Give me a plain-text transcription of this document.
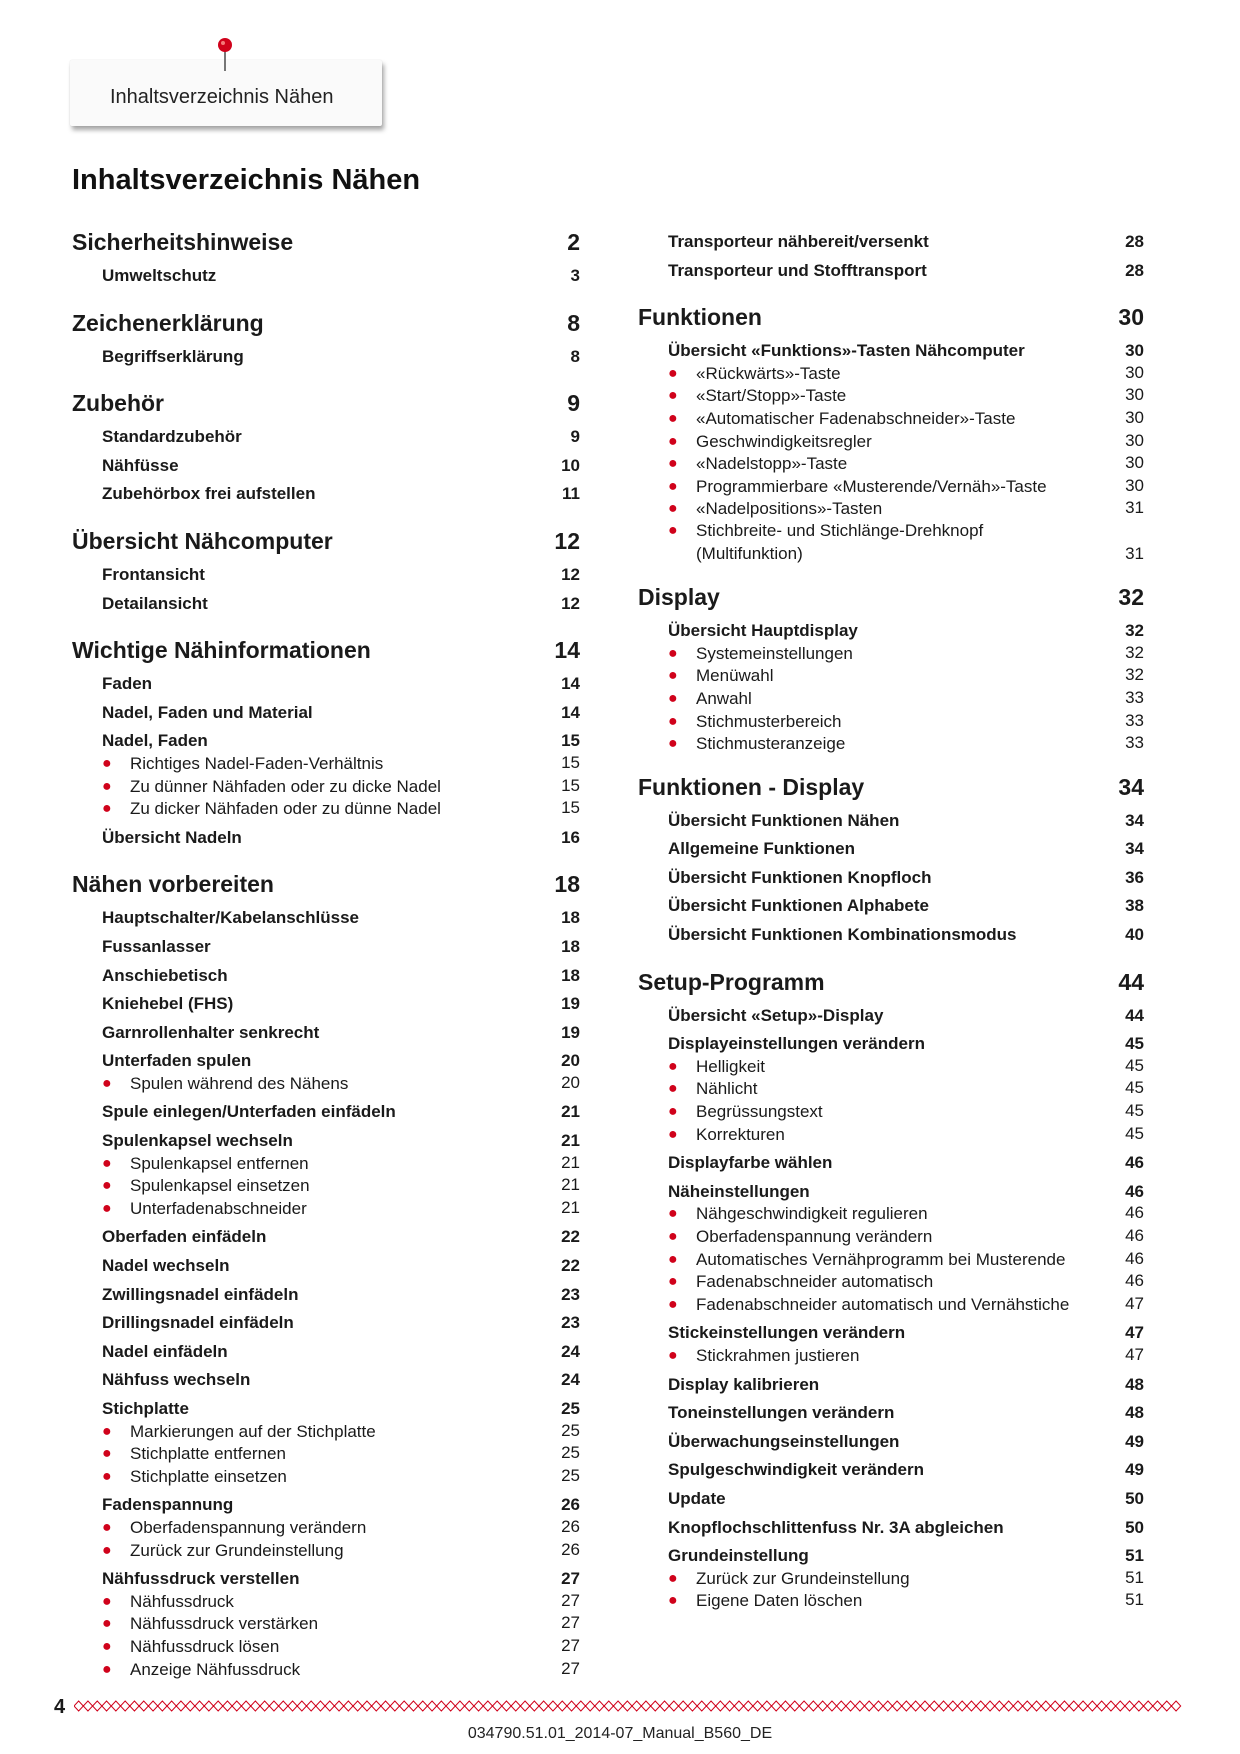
Inhaltsverzeichnis Nähen
Inhaltsverzeichnis Nähen
Sicherheitshinweise	2
Umweltschutz	3
Zeichenerklärung	8
Begriffserklärung	8
Zubehör	9
Standardzubehör	9
Nähfüsse	10
Zubehörbox frei aufstellen	11
Übersicht Nähcomputer	12
Frontansicht	12
Detailansicht	12
Wichtige Nähinformationen	14
Faden	14
Nadel, Faden und Material	14
Nadel, Faden	15
●	Richtiges Nadel-Faden-Verhältnis	15
●	Zu dünner Nähfaden oder zu dicke Nadel	15
●	Zu dicker Nähfaden oder zu dünne Nadel	15
Übersicht Nadeln	16
Nähen vorbereiten	18
Hauptschalter/Kabelanschlüsse	18
Fussanlasser	18
Anschiebetisch	18
Kniehebel (FHS)	19
Garnrollenhalter senkrecht	19
Unterfaden spulen	20
●	Spulen während des Nähens	20
Spule einlegen/Unterfaden einfädeln	21
Spulenkapsel wechseln	21
●	Spulenkapsel entfernen	21
●	Spulenkapsel einsetzen	21
●	Unterfadenabschneider	21
Oberfaden einfädeln	22
Nadel wechseln	22
Zwillingsnadel einfädeln	23
Drillingsnadel einfädeln	23
Nadel einfädeln	24
Nähfuss wechseln	24
Stichplatte	25
●	Markierungen auf der Stichplatte	25
●	Stichplatte entfernen	25
●	Stichplatte einsetzen	25
Fadenspannung	26
●	Oberfadenspannung verändern	26
●	Zurück zur Grundeinstellung	26
Nähfussdruck verstellen	27
●	Nähfussdruck	27
●	Nähfussdruck verstärken	27
●	Nähfussdruck lösen	27
●	Anzeige Nähfussdruck	27
Transporteur nähbereit/versenkt	28
Transporteur und Stofftransport	28
Funktionen	30
Übersicht «Funktions»-Tasten Nähcomputer	30
●	«Rückwärts»-Taste	30
●	«Start/Stopp»-Taste	30
●	«Automatischer Fadenabschneider»-Taste	30
●	Geschwindigkeitsregler	30
●	«Nadelstopp»-Taste	30
●	Programmierbare «Musterende/Vernäh»-Taste	30
●	«Nadelpositions»-Tasten	31
●	Stichbreite- und Stichlänge-Drehknopf
(Multifunktion)	31
Display	32
Übersicht Hauptdisplay	32
●	Systemeinstellungen	32
●	Menüwahl	32
●	Anwahl	33
●	Stichmusterbereich	33
●	Stichmusteranzeige	33
Funktionen - Display	34
Übersicht Funktionen Nähen	34
Allgemeine Funktionen	34
Übersicht Funktionen Knopfloch	36
Übersicht Funktionen Alphabete	38
Übersicht Funktionen Kombinationsmodus	40
Setup-Programm	44
Übersicht «Setup»-Display	44
Displayeinstellungen verändern	45
●	Helligkeit	45
●	Nählicht	45
●	Begrüssungstext	45
●	Korrekturen	45
Displayfarbe wählen	46
Näheinstellungen	46
●	Nähgeschwindigkeit regulieren	46
●	Oberfadenspannung verändern	46
●	Automatisches Vernähprogramm bei Musterende	46
●	Fadenabschneider automatisch	46
●	Fadenabschneider automatisch und Vernähstiche	47
Stickeinstellungen verändern	47
●	Stickrahmen justieren	47
Display kalibrieren	48
Toneinstellungen verändern	48
Überwachungseinstellungen	49
Spulgeschwindigkeit verändern	49
Update	50
Knopflochschlittenfuss Nr. 3A abgleichen	50
Grundeinstellung	51
●	Zurück zur Grundeinstellung	51
●	Eigene Daten löschen	51
4
034790.51.01_2014-07_Manual_B560_DE
